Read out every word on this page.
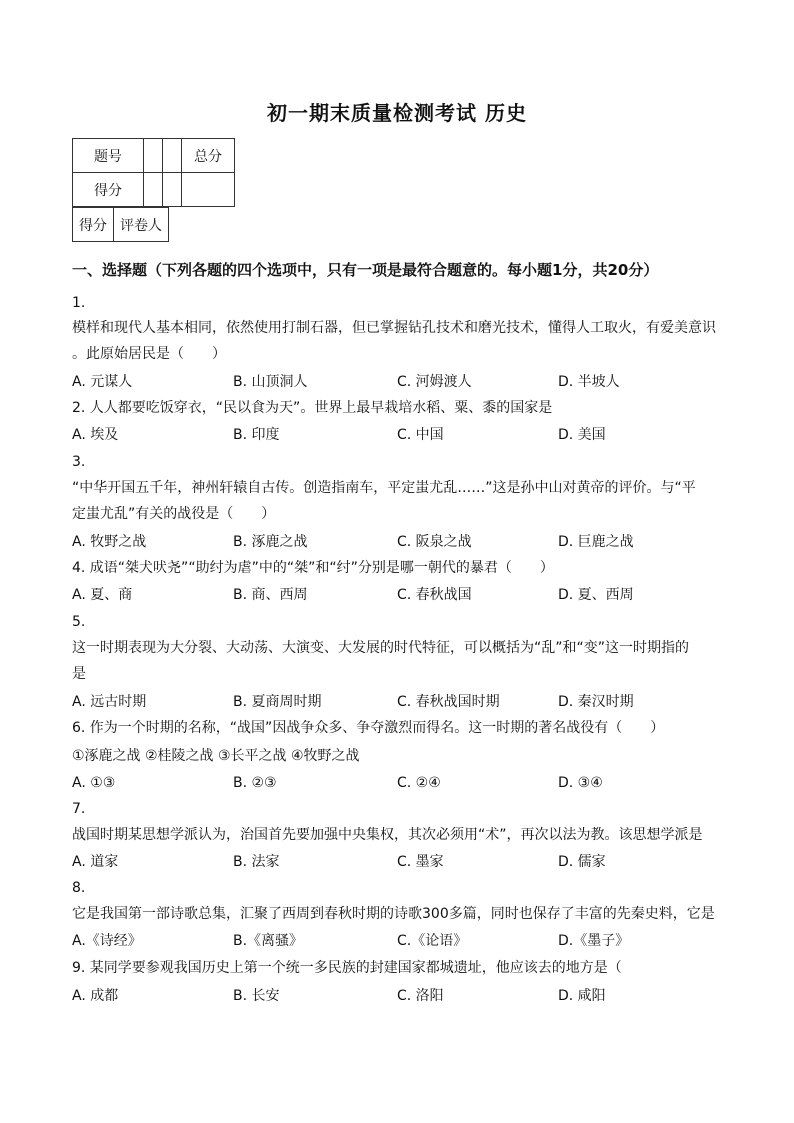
初一期末质量检测考试 历史
题号			总分
得分			
得分	评卷人
一、选择题（下列各题的四个选项中，只有一项是最符合题意的。每小题1分，共20分）
1.
模样和现代人基本相同，依然使用打制石器，但已掌握钻孔技术和磨光技术，懂得人工取火，有爱美意识
。此原始居民是（　　）
A. 元谋人	B. 山顶洞人	C. 河姆渡人	D. 半坡人
2. 人人都要吃饭穿衣，“民以食为天”。世界上最早栽培水稻、粟、黍的国家是
A. 埃及	B. 印度	C. 中国	D. 美国
3.
“中华开国五千年，神州轩辕自古传。创造指南车，平定蚩尤乱……”这是孙中山对黄帝的评价。与“平
定蚩尤乱”有关的战役是（　　）
A. 牧野之战	B. 涿鹿之战	C. 阪泉之战	D. 巨鹿之战
4. 成语“桀犬吠尧”“助纣为虐”中的“桀”和“纣”分别是哪一朝代的暴君（　　）
A. 夏、商	B. 商、西周	C. 春秋战国	D. 夏、西周
5.
这一时期表现为大分裂、大动荡、大演变、大发展的时代特征，可以概括为“乱”和“变”这一时期指的
是
A. 远古时期	B. 夏商周时期	C. 春秋战国时期	D. 秦汉时期
6. 作为一个时期的名称，“战国”因战争众多、争夺激烈而得名。这一时期的著名战役有（　　）
①涿鹿之战 ②桂陵之战 ③长平之战 ④牧野之战
A. ①③	B. ②③	C. ②④	D. ③④
7.
战国时期某思想学派认为，治国首先要加强中央集权，其次必须用“术”，再次以法为教。该思想学派是
A. 道家	B. 法家	C. 墨家	D. 儒家
8.
它是我国第一部诗歌总集，汇聚了西周到春秋时期的诗歌300多篇，同时也保存了丰富的先秦史料，它是
A.《诗经》	B.《离骚》	C.《论语》	D.《墨子》
9. 某同学要参观我国历史上第一个统一多民族的封建国家都城遗址，他应该去的地方是（
A. 成都	B. 长安	C. 洛阳	D. 咸阳
